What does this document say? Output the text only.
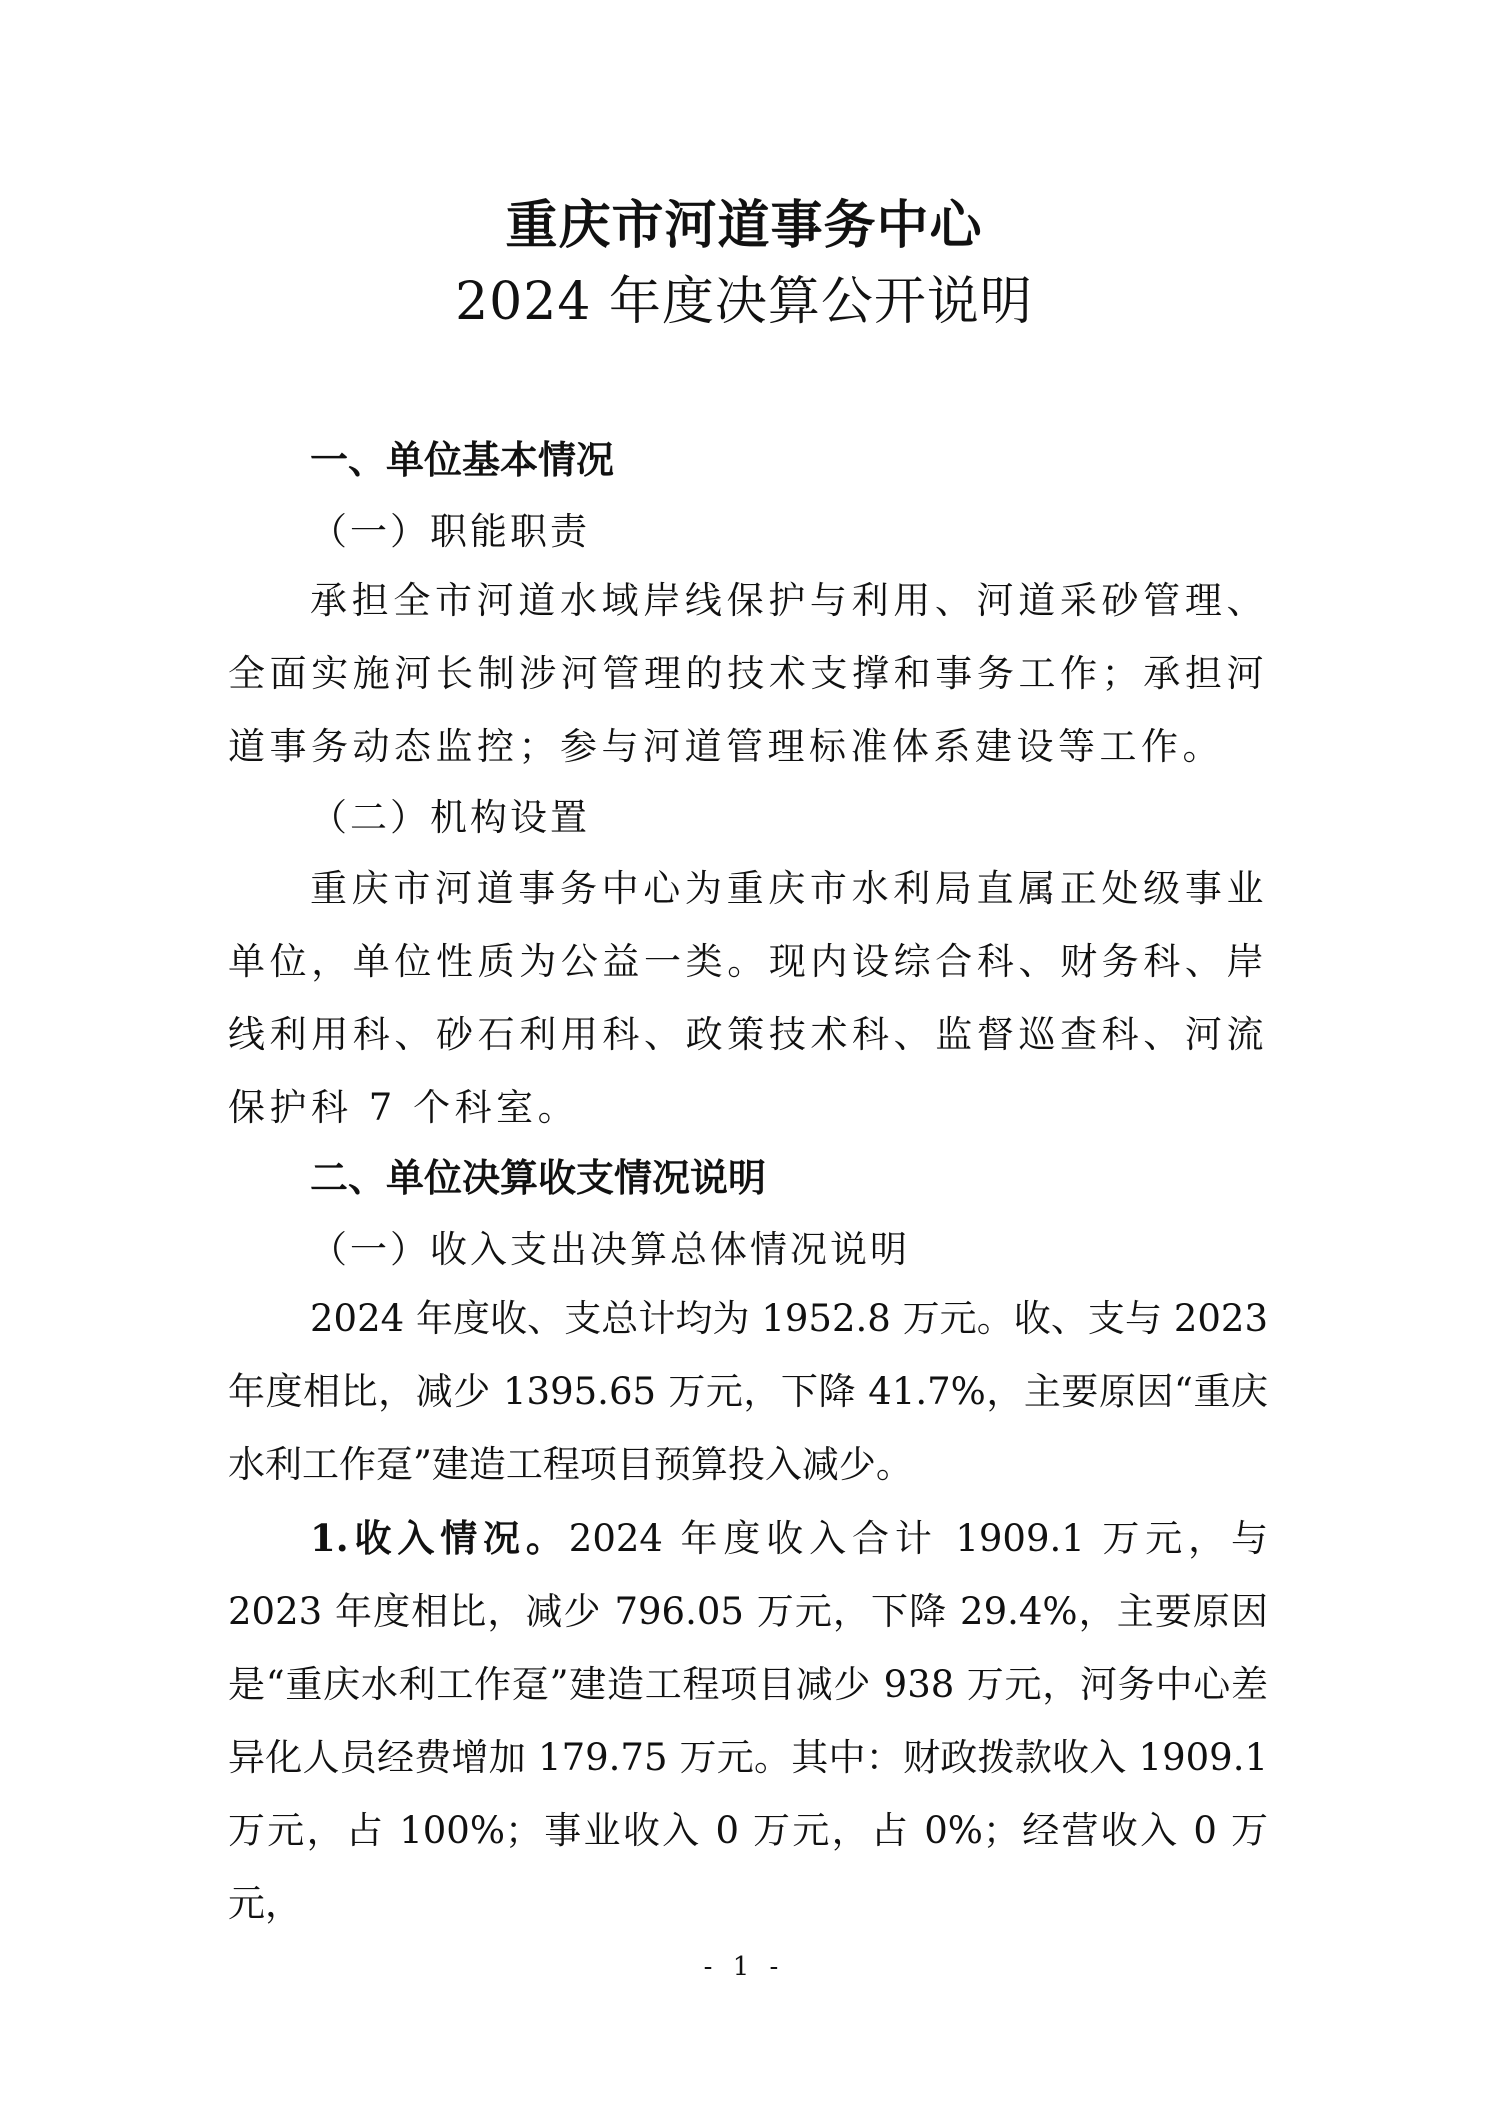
重庆市河道事务中心
2024 年度决算公开说明
一、单位基本情况
（一）职能职责
承担全市河道水域岸线保护与利用、河道采砂管理、全面实施河长制涉河管理的技术支撑和事务工作；承担河道事务动态监控；参与河道管理标准体系建设等工作。
（二）机构设置
重庆市河道事务中心为重庆市水利局直属正处级事业单位，单位性质为公益一类。现内设综合科、财务科、岸线利用科、砂石利用科、政策技术科、监督巡查科、河流保护科 7 个科室。
二、单位决算收支情况说明
（一）收入支出决算总体情况说明
2024 年度收、支总计均为 1952.8 万元。收、支与 2023 年度相比，减少 1395.65 万元，下降 41.7%，主要原因“重庆水利工作趸”建造工程项目预算投入减少。
1.收入情况。2024 年度收入合计 1909.1 万元，与 2023 年度相比，减少 796.05 万元，下降 29.4%，主要原因是“重庆水利工作趸”建造工程项目减少 938 万元，河务中心差异化人员经费增加 179.75 万元。其中：财政拨款收入 1909.1 万元，占 100%；事业收入 0 万元，占 0%；经营收入 0 万元，
- 1 -
